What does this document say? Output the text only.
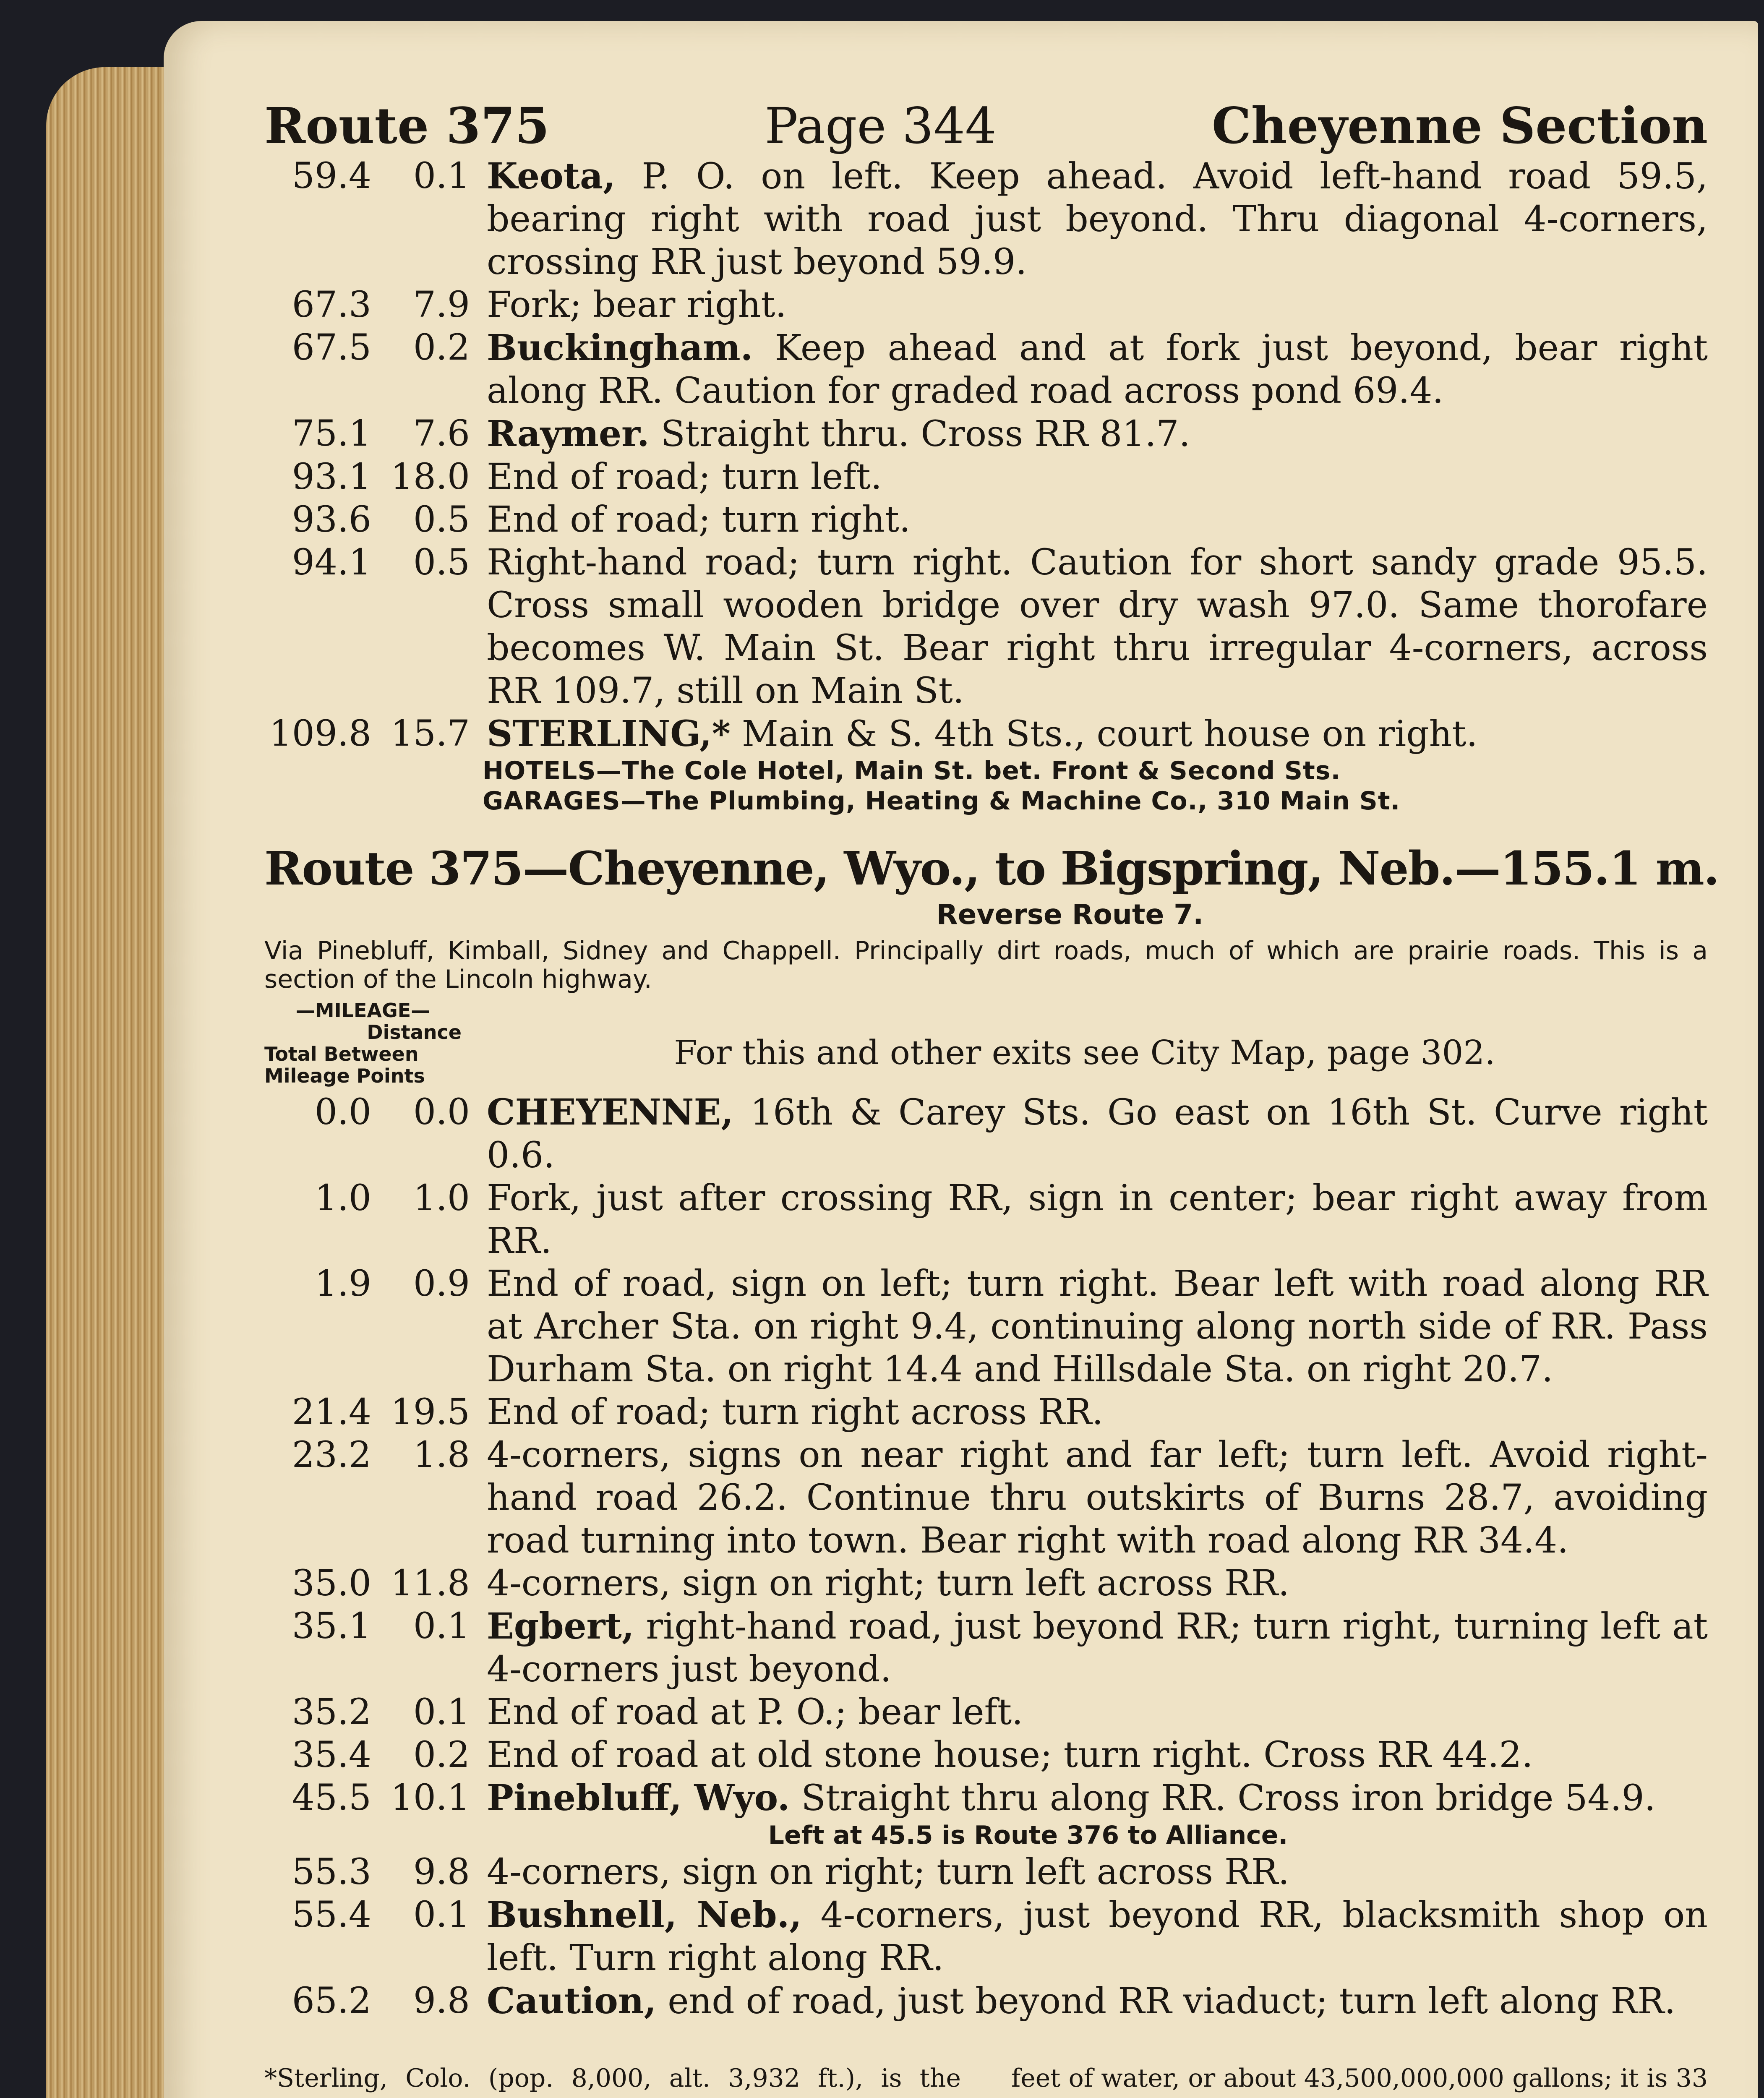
Route 375	Page 344	Cheyenne Section
59.4	0.1 Keota, P. O. on left. Keep ahead. Avoid left-hand road 59.5, bearing right with road just beyond. Thru diagonal 4-corners, crossing RR just beyond 59.9.
67.3	7.9 Fork; bear right.
67.5	0.2 Buckingham. Keep ahead and at fork just beyond, bear right along RR. Caution for graded road across pond 69.4.
75.1	7.6 Raymer. Straight thru. Cross RR 81.7.
93.1 18.0 End of road; turn left.
93.6	0.5 End of road; turn right.
94.1	0.5 Right-hand road; turn right. Caution for short sandy grade 95.5. Cross small wooden bridge over dry wash 97.0. Same thorofare becomes W. Main St. Bear right thru irregular 4-corners, across RR 109.7, still on Main St.
109.8 15.7 STERLING,* Main & S. 4th Sts., court house on right.
HOTELS—The Cole Hotel, Main St. bet. Front & Second Sts.
GARAGES—The Plumbing, Heating & Machine Co., 310 Main St.
Route 375—Cheyenne, Wyo., to Bigspring, Neb.—155.1 m.
Reverse Route 7.
Via Pinebluff, Kimball, Sidney and Chappell. Principally dirt roads, much of which are prairie roads. This is a section of the Lincoln highway.
—MILEAGE—
Distance
Total Between
Mileage Points
For this and other exits see City Map, page 302.
0.0	0.0 CHEYENNE, 16th & Carey Sts. Go east on 16th St. Curve right 0.6.
1.0	1.0 Fork, just after crossing RR, sign in center; bear right away from RR.
1.9	0.9 End of road, sign on left; turn right. Bear left with road along RR at Archer Sta. on right 9.4, continuing along north side of RR. Pass Durham Sta. on right 14.4 and Hillsdale Sta. on right 20.7.
21.4 19.5 End of road; turn right across RR.
23.2	1.8 4-corners, signs on near right and far left; turn left. Avoid right-hand road 26.2. Continue thru outskirts of Burns 28.7, avoiding road turning into town. Bear right with road along RR 34.4.
35.0 11.8 4-corners, sign on right; turn left across RR.
35.1	0.1 Egbert, right-hand road, just beyond RR; turn right, turning left at 4-corners just beyond.
35.2	0.1 End of road at P. O.; bear left.
35.4	0.2 End of road at old stone house; turn right. Cross RR 44.2.
45.5 10.1 Pinebluff, Wyo. Straight thru along RR. Cross iron bridge 54.9.
Left at 45.5 is Route 376 to Alliance.
55.3	9.8 4-corners, sign on right; turn left across RR.
55.4	0.1 Bushnell, Neb., 4-corners, just beyond RR, blacksmith shop on left. Turn right along RR.
65.2	9.8 Caution, end of road, just beyond RR viaduct; turn left along RR.
*Sterling, Colo. (pop. 8,000, alt. 3,932 ft.), is the feet of water, or about 43,500,000,000 gallons; it is 33
